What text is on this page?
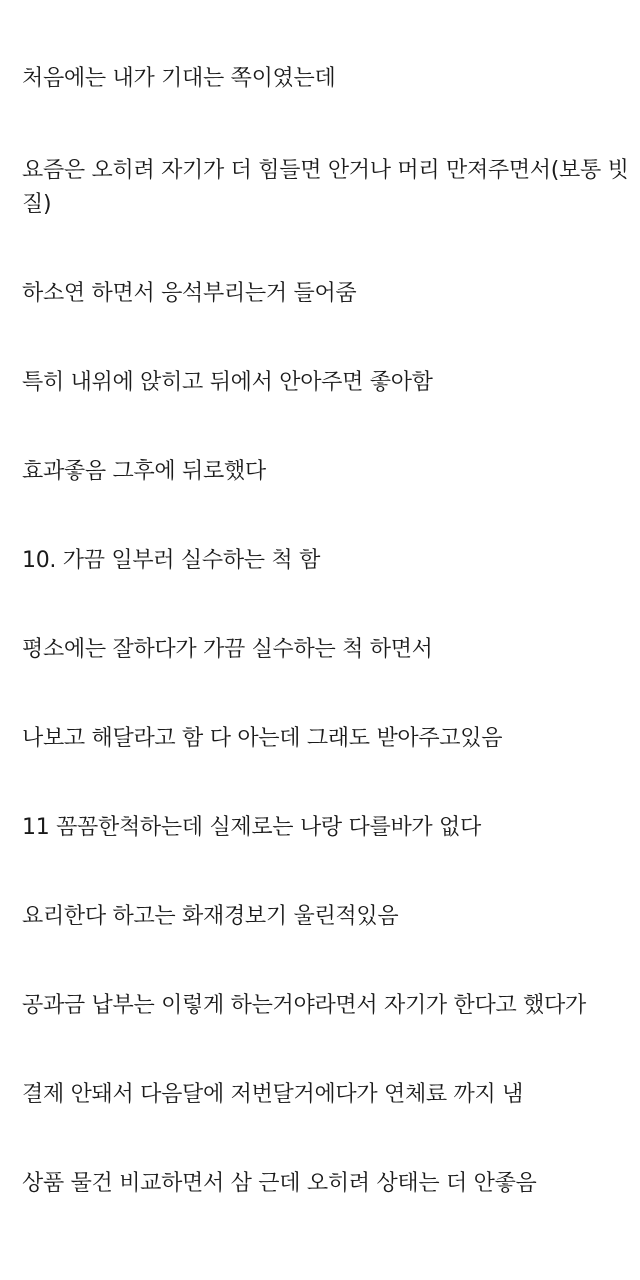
처음에는 내가 기대는 쪽이였는데
요즘은 오히려 자기가 더 힘들면 안거나 머리 만져주면서(보통 빗질)
하소연 하면서 응석부리는거 들어줌
특히 내위에 앉히고 뒤에서 안아주면 좋아함
효과좋음 그후에 뒤로했다
10. 가끔 일부러 실수하는 척 함
평소에는 잘하다가 가끔 실수하는 척 하면서
나보고 해달라고 함 다 아는데 그래도 받아주고있음
11 꼼꼼한척하는데 실제로는 나랑 다를바가 없다
요리한다 하고는 화재경보기 울린적있음
공과금 납부는 이렇게 하는거야라면서 자기가 한다고 했다가
결제 안돼서 다음달에 저번달거에다가 연체료 까지 냄
상품 물건 비교하면서 삼 근데 오히려 상태는 더 안좋음
